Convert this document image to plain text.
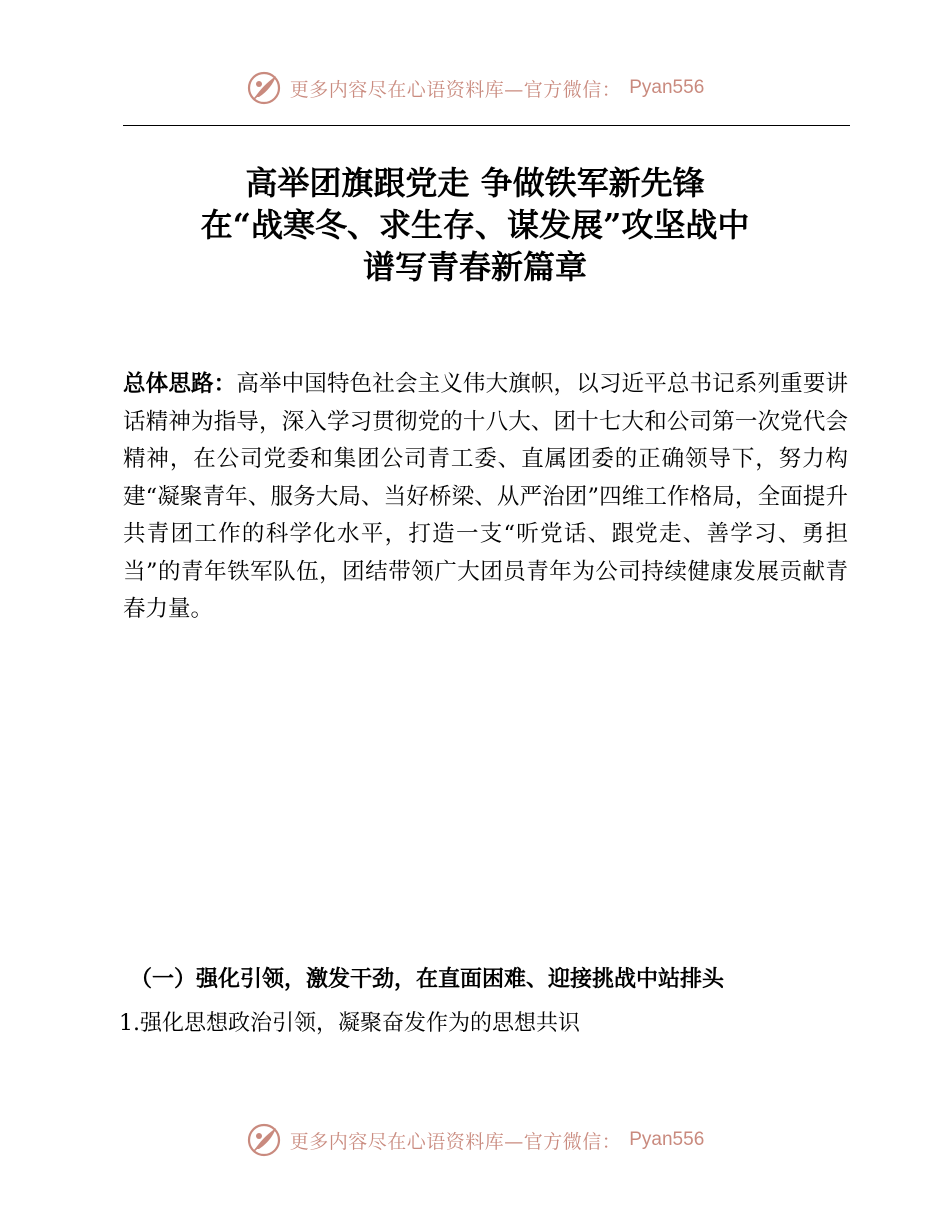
更多内容尽在心语资料库—官方微信： Pyan556
高举团旗跟党走 争做铁军新先锋
在“战寒冬、求生存、谋发展”攻坚战中
谱写青春新篇章
总体思路：高举中国特色社会主义伟大旗帜，以习近平总书记系列重要讲话精神为指导，深入学习贯彻党的十八大、团十七大和公司第一次党代会精神，在公司党委和集团公司青工委、直属团委的正确领导下，努力构建“凝聚青年、服务大局、当好桥梁、从严治团”四维工作格局，全面提升共青团工作的科学化水平，打造一支“听党话、跟党走、善学习、勇担当”的青年铁军队伍，团结带领广大团员青年为公司持续健康发展贡献青春力量。
（一）强化引领，激发干劲，在直面困难、迎接挑战中站排头
1.强化思想政治引领，凝聚奋发作为的思想共识
更多内容尽在心语资料库—官方微信： Pyan556
